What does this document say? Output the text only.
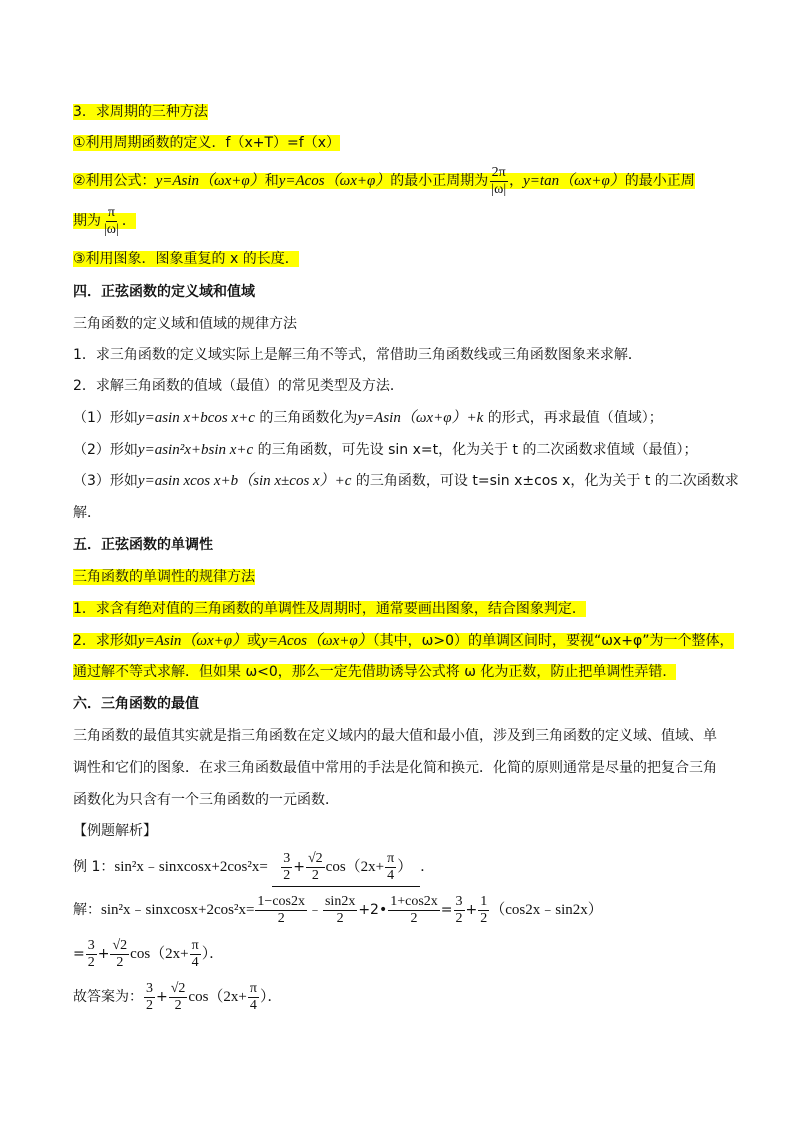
3．求周期的三种方法
①利用周期函数的定义．f（x+T）=f（x）
②利用公式：y=Asin（ωx+φ）和y=Acos（ωx+φ）的最小正周期为 $\frac{2\pi}{|\omega|}$ ，y=tan（ωx+φ）的最小正周
期为 $\frac{\pi}{|\omega|}$ ．
③利用图象．图象重复的 x 的长度．
四．正弦函数的定义域和值域
三角函数的定义域和值域的规律方法
1．求三角函数的定义域实际上是解三角不等式，常借助三角函数线或三角函数图象来求解．
2．求解三角函数的值域（最值）的常见类型及方法．
（1）形如y=asin x+bcos x+c 的三角函数化为y=Asin（ωx+φ）+k 的形式，再求最值（值域）；
（2）形如y=asin²x+bsin x+c 的三角函数，可先设 sin x=t，化为关于 t 的二次函数求值域（最值）；
（3）形如y=asin xcos x+b（sin x±cos x）+c 的三角函数，可设 t=sin x±cos x，化为关于 t 的二次函数求
解．
五．正弦函数的单调性
三角函数的单调性的规律方法
1．求含有绝对值的三角函数的单调性及周期时，通常要画出图象，结合图象判定．
2．求形如y=Asin（ωx+φ）或y=Acos（ωx+φ）（其中，ω>0）的单调区间时，要视“ωx+φ”为一个整体，
通过解不等式求解．但如果 ω<0，那么一定先借助诱导公式将 ω 化为正数，防止把单调性弄错．
六．三角函数的最值
三角函数的最值其实就是指三角函数在定义域内的最大值和最小值，涉及到三角函数的定义域、值域、单
调性和它们的图象．在求三角函数最值中常用的手法是化简和换元．化简的原则通常是尽量的把复合三角
函数化为只含有一个三角函数的一元函数．
【例题解析】
例 1：sin²x﹣sinxcosx+2cos²x= $\frac{3}{2} + \frac{√2}{2} \cos(2x+ \frac{\pi}{4}$ ） ．
解：sin²x﹣sinxcosx+2cos²x= $\frac{1-\cos 2x}{2}$ ﹣ $\frac{\sin 2x}{2}$ +2• $\frac{1+\cos 2x}{2} = \frac{3}{2} + \frac{1}{2}$ （cos2x﹣sin2x）
= $\frac{3}{2} + \frac{√2}{2} \cos(2x+ \frac{\pi}{4}$ ）．
故答案为： $\frac{3}{2} + \frac{√2}{2} \cos(2x+ \frac{\pi}{4}$ ）．
